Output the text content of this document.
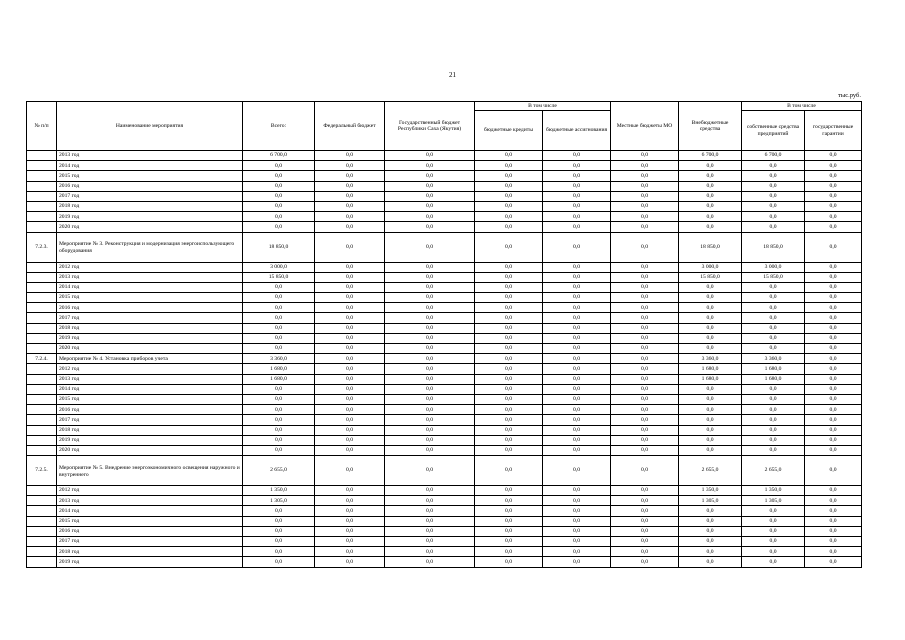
21
тыс.руб.
№ п/п	Наименование мероприятия	Всего:	Федеральный бюджет	Государственный бюджет Республики Саха (Якутия)	В том числе		Местные бюджеты МО	Внебюджетные средства	В том числе	
					бюджетные кредиты	бюджетные ассигнования			собственные средства предприятий	государственные гарантии
	2013 год	6 700,0	0,0	0,0	0,0	0,0	0,0	6 700,0	6 700,0	0,0
	2014 год	0,0	0,0	0,0	0,0	0,0	0,0	0,0	0,0	0,0
	2015 год	0,0	0,0	0,0	0,0	0,0	0,0	0,0	0,0	0,0
	2016 год	0,0	0,0	0,0	0,0	0,0	0,0	0,0	0,0	0,0
	2017 год	0,0	0,0	0,0	0,0	0,0	0,0	0,0	0,0	0,0
	2018 год	0,0	0,0	0,0	0,0	0,0	0,0	0,0	0,0	0,0
	2019 год	0,0	0,0	0,0	0,0	0,0	0,0	0,0	0,0	0,0
	2020 год	0,0	0,0	0,0	0,0	0,0	0,0	0,0	0,0	0,0
7.2.3.	Мероприятие № 3. Реконструкция и модернизация энергоиспользующего оборудования	18 850,0	0,0	0,0	0,0	0,0	0,0	18 850,0	18 850,0	0,0
	2012 год	3 000,0	0,0	0,0	0,0	0,0	0,0	3 000,0	3 000,0	0,0
	2013 год	15 850,0	0,0	0,0	0,0	0,0	0,0	15 850,0	15 850,0	0,0
	2014 год	0,0	0,0	0,0	0,0	0,0	0,0	0,0	0,0	0,0
	2015 год	0,0	0,0	0,0	0,0	0,0	0,0	0,0	0,0	0,0
	2016 год	0,0	0,0	0,0	0,0	0,0	0,0	0,0	0,0	0,0
	2017 год	0,0	0,0	0,0	0,0	0,0	0,0	0,0	0,0	0,0
	2018 год	0,0	0,0	0,0	0,0	0,0	0,0	0,0	0,0	0,0
	2019 год	0,0	0,0	0,0	0,0	0,0	0,0	0,0	0,0	0,0
	2020 год	0,0	0,0	0,0	0,0	0,0	0,0	0,0	0,0	0,0
7.2.4.	Мероприятие № 4. Установка приборов учета	3 360,0	0,0	0,0	0,0	0,0	0,0	3 360,0	3 360,0	0,0
	2012 год	1 680,0	0,0	0,0	0,0	0,0	0,0	1 680,0	1 680,0	0,0
	2013 год	1 680,0	0,0	0,0	0,0	0,0	0,0	1 680,0	1 680,0	0,0
	2014 год	0,0	0,0	0,0	0,0	0,0	0,0	0,0	0,0	0,0
	2015 год	0,0	0,0	0,0	0,0	0,0	0,0	0,0	0,0	0,0
	2016 год	0,0	0,0	0,0	0,0	0,0	0,0	0,0	0,0	0,0
	2017 год	0,0	0,0	0,0	0,0	0,0	0,0	0,0	0,0	0,0
	2018 год	0,0	0,0	0,0	0,0	0,0	0,0	0,0	0,0	0,0
	2019 год	0,0	0,0	0,0	0,0	0,0	0,0	0,0	0,0	0,0
	2020 год	0,0	0,0	0,0	0,0	0,0	0,0	0,0	0,0	0,0
7.2.5.	Мероприятие № 5. Внедрение энергоэкономичного освещения наружного и внутреннего	2 655,0	0,0	0,0	0,0	0,0	0,0	2 655,0	2 655,0	0,0
	2012 год	1 350,0	0,0	0,0	0,0	0,0	0,0	1 350,0	1 350,0	0,0
	2013 год	1 305,0	0,0	0,0	0,0	0,0	0,0	1 305,0	1 305,0	0,0
	2014 год	0,0	0,0	0,0	0,0	0,0	0,0	0,0	0,0	0,0
	2015 год	0,0	0,0	0,0	0,0	0,0	0,0	0,0	0,0	0,0
	2016 год	0,0	0,0	0,0	0,0	0,0	0,0	0,0	0,0	0,0
	2017 год	0,0	0,0	0,0	0,0	0,0	0,0	0,0	0,0	0,0
	2018 год	0,0	0,0	0,0	0,0	0,0	0,0	0,0	0,0	0,0
	2019 год	0,0	0,0	0,0	0,0	0,0	0,0	0,0	0,0	0,0
